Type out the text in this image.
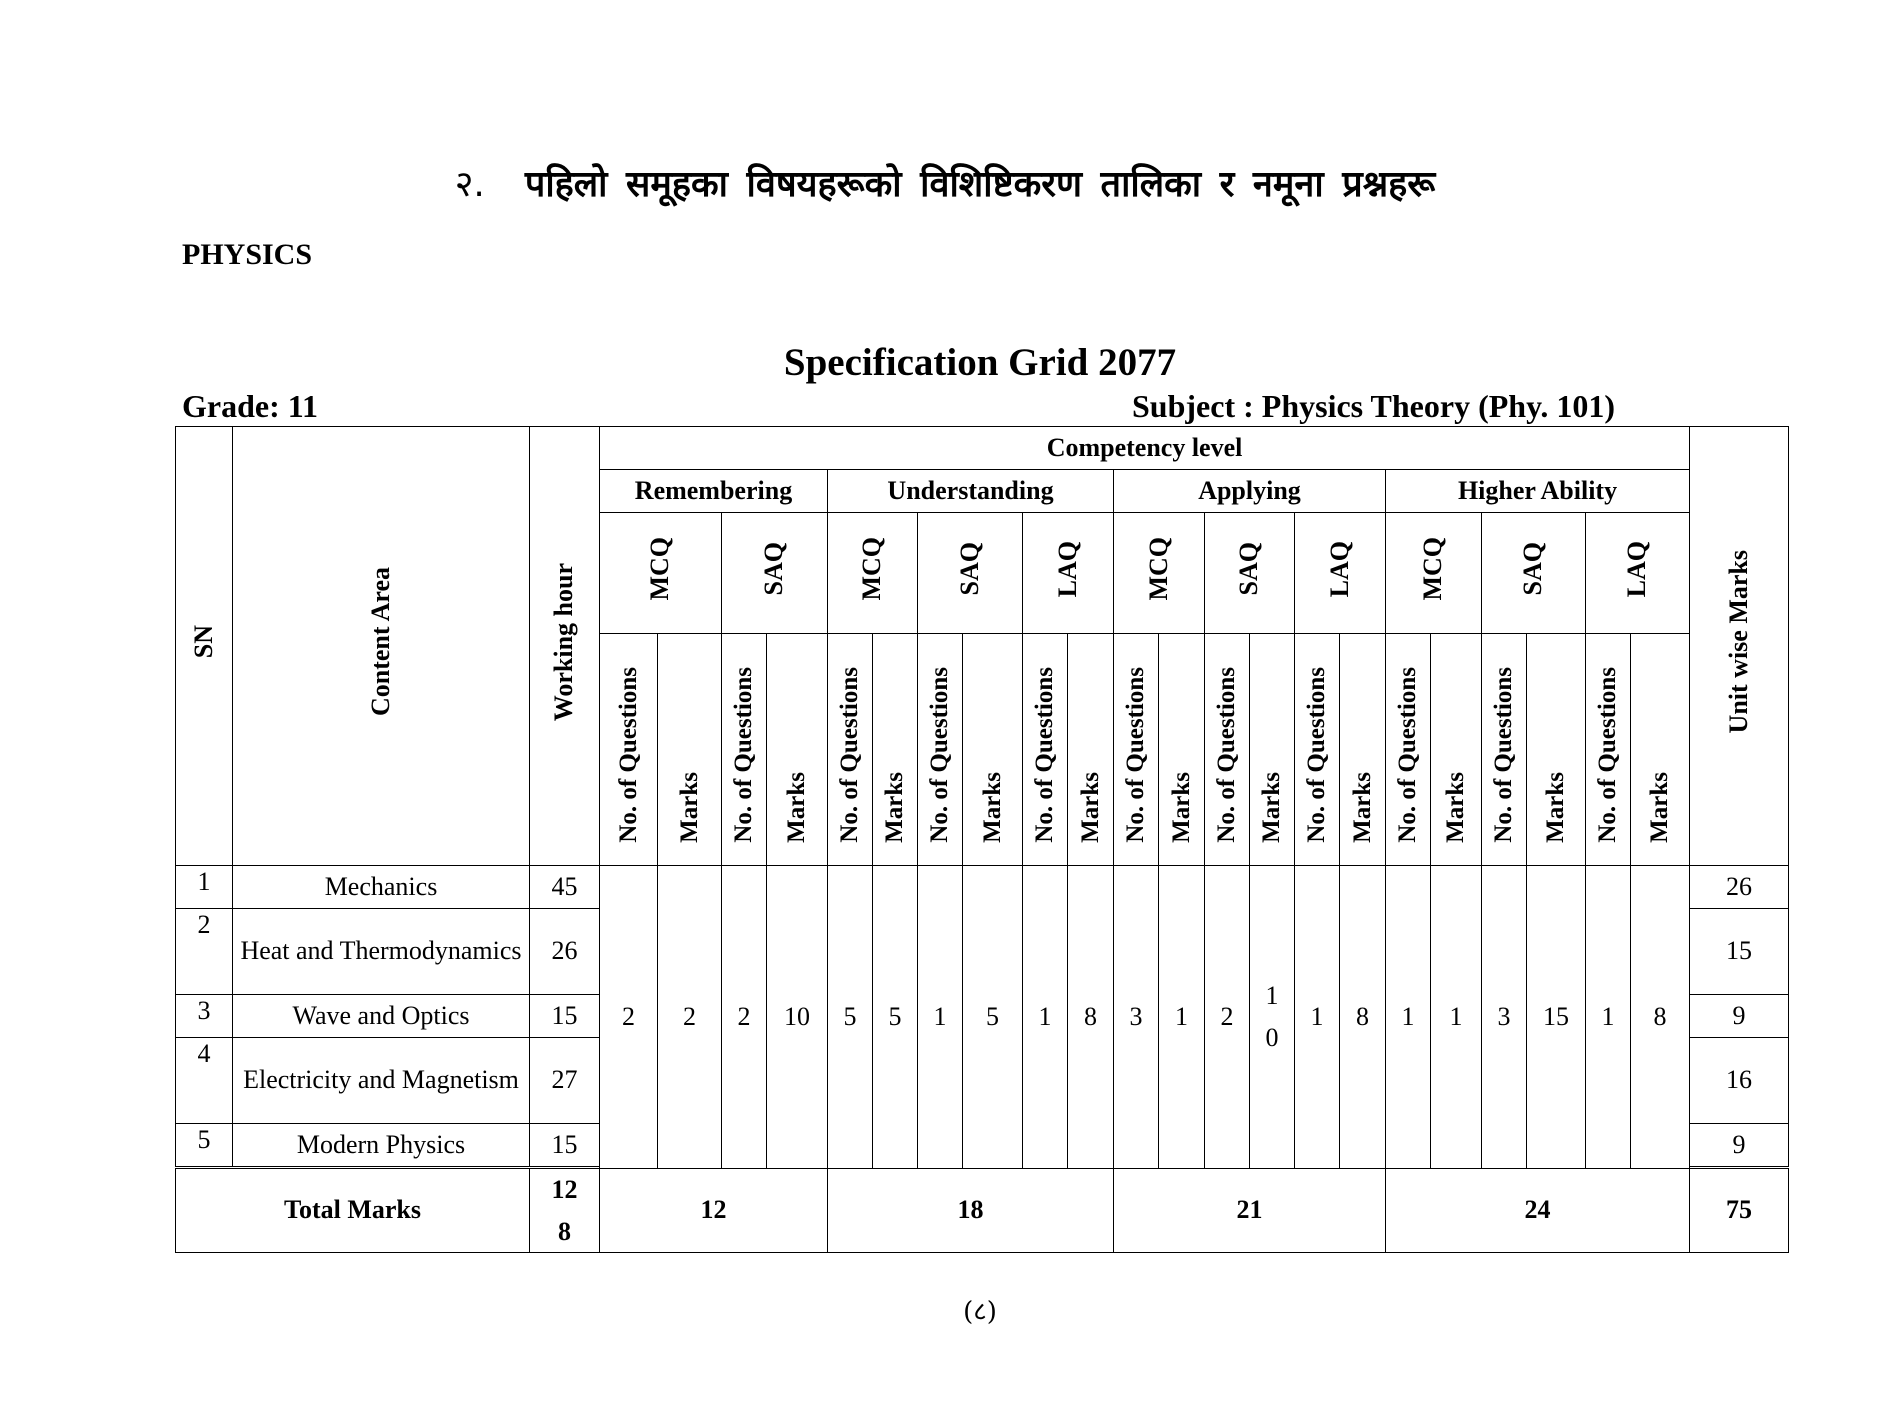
२. पहिलो समूहका विषयहरूको विशिष्टिकरण तालिका र नमूना प्रश्नहरू
PHYSICS
Specification Grid 2077
Grade: 11	Subject : Physics Theory (Phy. 101)
SN	Content Area	Working hour	Competency level																						Unit wise Marks
			Remembering				Understanding						Applying						Higher Ability						
			MCQ		SAQ		MCQ		SAQ		LAQ		MCQ		SAQ		LAQ		MCQ		SAQ		LAQ		
			No. of Questions	Marks	No. of Questions	Marks	No. of Questions	Marks	No. of Questions	Marks	No. of Questions	Marks	No. of Questions	Marks	No. of Questions	Marks	No. of Questions	Marks	No. of Questions	Marks	No. of Questions	Marks	No. of Questions	Marks	
1	Mechanics	45	2	2	2	10	5	5	1	5	1	8	3	1	2	10	1	8	1	1	3	15	1	8	26
2	Heat and Thermodynamics	26																							15
3	Wave and Optics	15																							9
4	Electricity and Magnetism	27																							16
5	Modern Physics	15																							9

Total Marks		128	12				18						21						24						75
(८)
